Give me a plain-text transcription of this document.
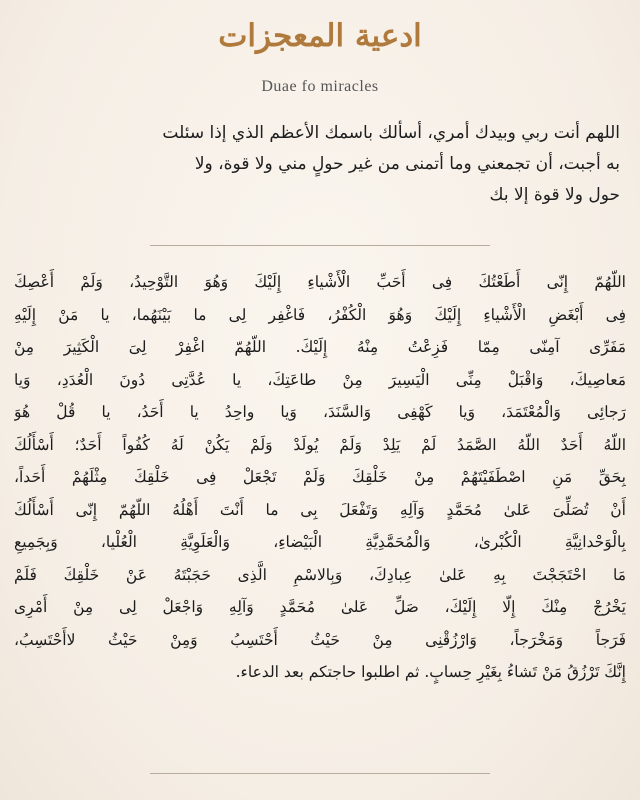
ادعية المعجزات
Duae fo miracles
اللهم أنت ربي وبيدك أمري، أسألك باسمك الأعظم الذي إذا سئلت
به أجبت، أن تجمعني وما أتمنى من غير حولٍ مني ولا قوة، ولا
حول ولا قوة إلا بك
اللّهُمّ إِنّى أَطَعْتُكَ فِى أَحَبِّ الْأَشْياءِ إِلَيْكَ وَهُوَ التَّوْحِيدُ، وَلَمْ أَعْصِكَ
فِى أَبْغَضِ الْأَشْياءِ إِلَيْكَ وَهُوَ الْكُفْرُ، فَاغْفِر لِى ما بَيْنَهُما، يا مَنْ إِلَيْهِ
مَفَرِّى آمِنّى مِمّا فَزِعْتُ مِنْهُ إِلَيْكَ. اللّهُمّ اغْفِرْ لِىَ الْكَثِيرَ مِنْ
مَعاصِيكَ، وَاقْبَلْ مِنِّى الْيَسِيرَ مِنْ طاعَتِكَ، يا عُدَّتِى دُونَ الْعُدَدِ، وَيا
رَجائِى وَالْمُعْتَمَدَ، وَيا كَهْفِى وَالسَّنَدَ، وَيا واحِدُ يا أَحَدُ، يا قُلْ هُوَ
اللّهُ أَحَدٌ اللّهُ الصَّمَدُ لَمْ يَلِدْ وَلَمْ يُولَدْ وَلَمْ يَكُنْ لَهُ كُفُواً أَحَدٌ؛ أَسْأَلُكَ
بِحَقِّ مَنِ اصْطَفَيْتَهُمْ مِنْ خَلْقِكَ وَلَمْ تَجْعَلْ فِى خَلْقِكَ مِثْلَهُمْ أَحَداً،
أَنْ تُصَلِّىَ عَلىٰ مُحَمَّدٍ وَآلِهِ وَتَفْعَلَ بِى ما أَنْتَ أَهْلُهُ اللّهُمّ إِنّى أَسْأَلُكَ
بِالْوَحْدانِيَّةِ الْكُبْرىٰ، وَالْمُحَمَّدِيَّةِ الْبَيْضاءِ، وَالْعَلَوِيَّةِ الْعُلْيا، وَبِجَمِيعِ
مَا احْتَجَجْتَ بِهِ عَلىٰ عِبادِكَ، وَبِالاسْمِ الَّذِى حَجَبْتَهُ عَنْ خَلْقِكَ فَلَمْ
يَخْرُجْ مِنْكَ إِلّا إِلَيْكَ، صَلِّ عَلىٰ مُحَمَّدٍ وَآلِهِ وَاجْعَلْ لِى مِنْ أَمْرِى
فَرَجاً وَمَخْرَجاً، وَارْزُقْنِى مِنْ حَيْثُ أَحْتَسِبُ وَمِنْ حَيْثُ لاأَحْتَسِبُ،
إِنَّكَ تَرْزُقُ مَنْ تَشاءُ بِغَيْرِ حِسابٍ. ثم اطلبوا حاجتكم بعد الدعاء.
